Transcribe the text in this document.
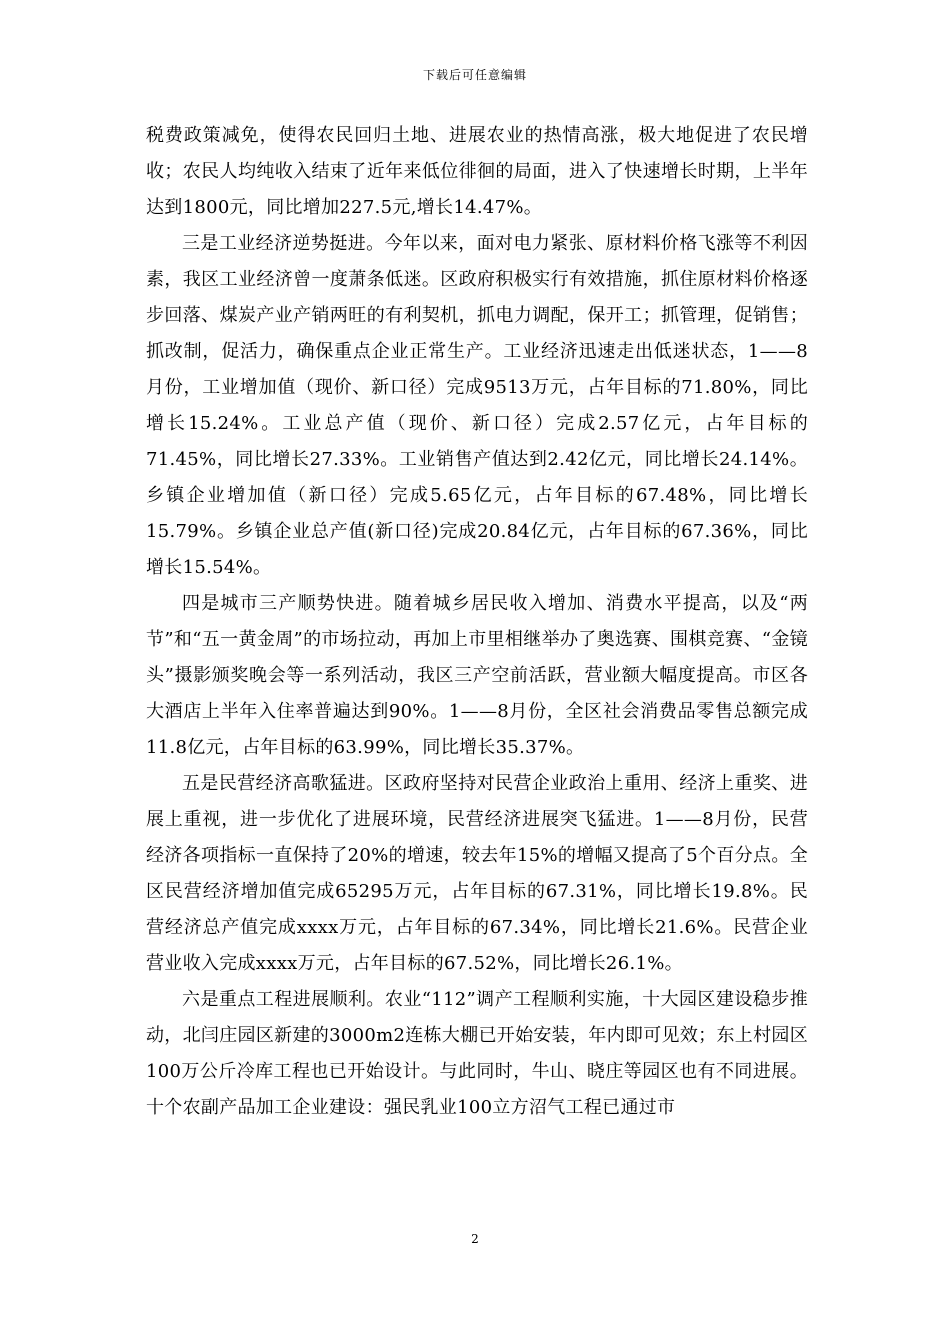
下载后可任意编辑

税费政策减免，使得农民回归土地、进展农业的热情高涨，极大地促进了农民增收；农民人均纯收入结束了近年来低位徘徊的局面，进入了快速增长时期，上半年达到1800元，同比增加227.5元,增长14.47%。

三是工业经济逆势挺进。今年以来，面对电力紧张、原材料价格飞涨等不利因素，我区工业经济曾一度萧条低迷。区政府积极实行有效措施，抓住原材料价格逐步回落、煤炭产业产销两旺的有利契机，抓电力调配，保开工；抓管理，促销售；抓改制，促活力，确保重点企业正常生产。工业经济迅速走出低迷状态，1——8月份，工业增加值（现价、新口径）完成9513万元，占年目标的71.80%，同比增长15.24%。工业总产值（现价、新口径）完成2.57亿元，占年目标的71.45%，同比增长27.33%。工业销售产值达到2.42亿元，同比增长24.14%。乡镇企业增加值（新口径）完成5.65亿元，占年目标的67.48%，同比增长15.79%。乡镇企业总产值(新口径)完成20.84亿元，占年目标的67.36%，同比增长15.54%。

四是城市三产顺势快进。随着城乡居民收入增加、消费水平提高，以及“两节”和“五一黄金周”的市场拉动，再加上市里相继举办了奥选赛、围棋竞赛、“金镜头”摄影颁奖晚会等一系列活动，我区三产空前活跃，营业额大幅度提高。市区各大酒店上半年入住率普遍达到90%。1——8月份，全区社会消费品零售总额完成11.8亿元，占年目标的63.99%，同比增长35.37%。

五是民营经济高歌猛进。区政府坚持对民营企业政治上重用、经济上重奖、进展上重视，进一步优化了进展环境，民营经济进展突飞猛进。1——8月份，民营经济各项指标一直保持了20%的增速，较去年15%的增幅又提高了5个百分点。全区民营经济增加值完成65295万元，占年目标的67.31%，同比增长19.8%。民营经济总产值完成xxxx万元，占年目标的67.34%，同比增长21.6%。民营企业营业收入完成xxxx万元，占年目标的67.52%，同比增长26.1%。

六是重点工程进展顺利。农业“112”调产工程顺利实施，十大园区建设稳步推动，北闫庄园区新建的3000m2连栋大棚已开始安装，年内即可见效；东上村园区100万公斤冷库工程也已开始设计。与此同时，牛山、晓庄等园区也有不同进展。十个农副产品加工企业建设：强民乳业100立方沼气工程已通过市

2
